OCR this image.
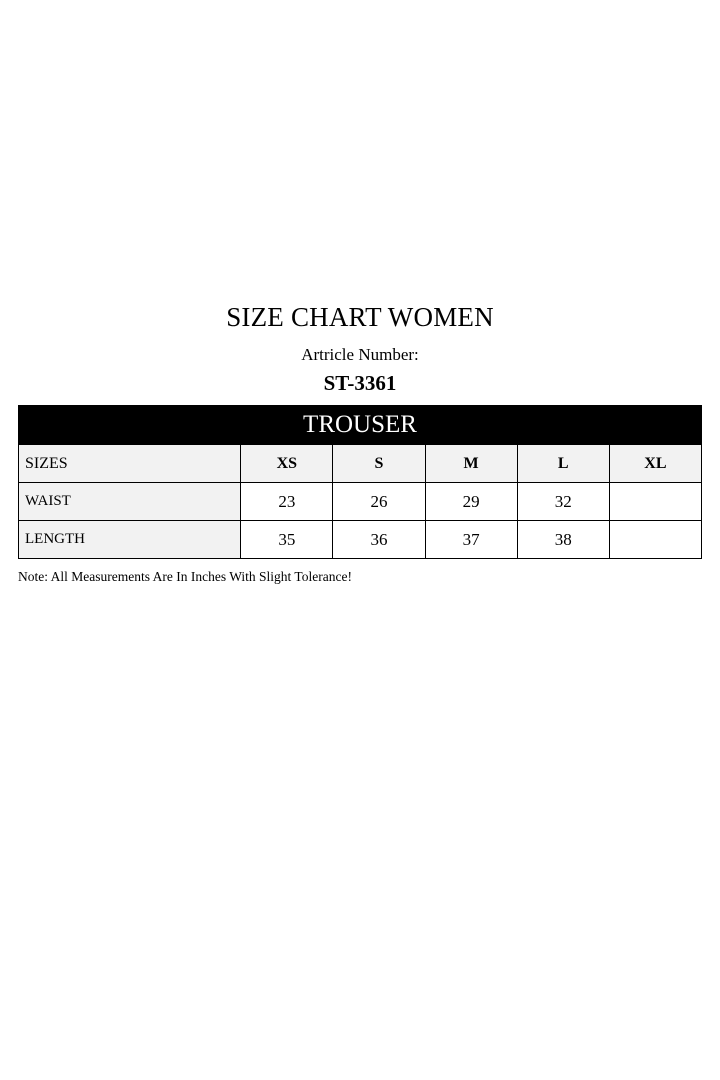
SIZE CHART WOMEN
Artricle Number:
ST-3361
TROUSER					
SIZES	XS	S	M	L	XL
WAIST	23	26	29	32	
LENGTH	35	36	37	38	
Note: All Measurements Are In Inches With Slight Tolerance!
